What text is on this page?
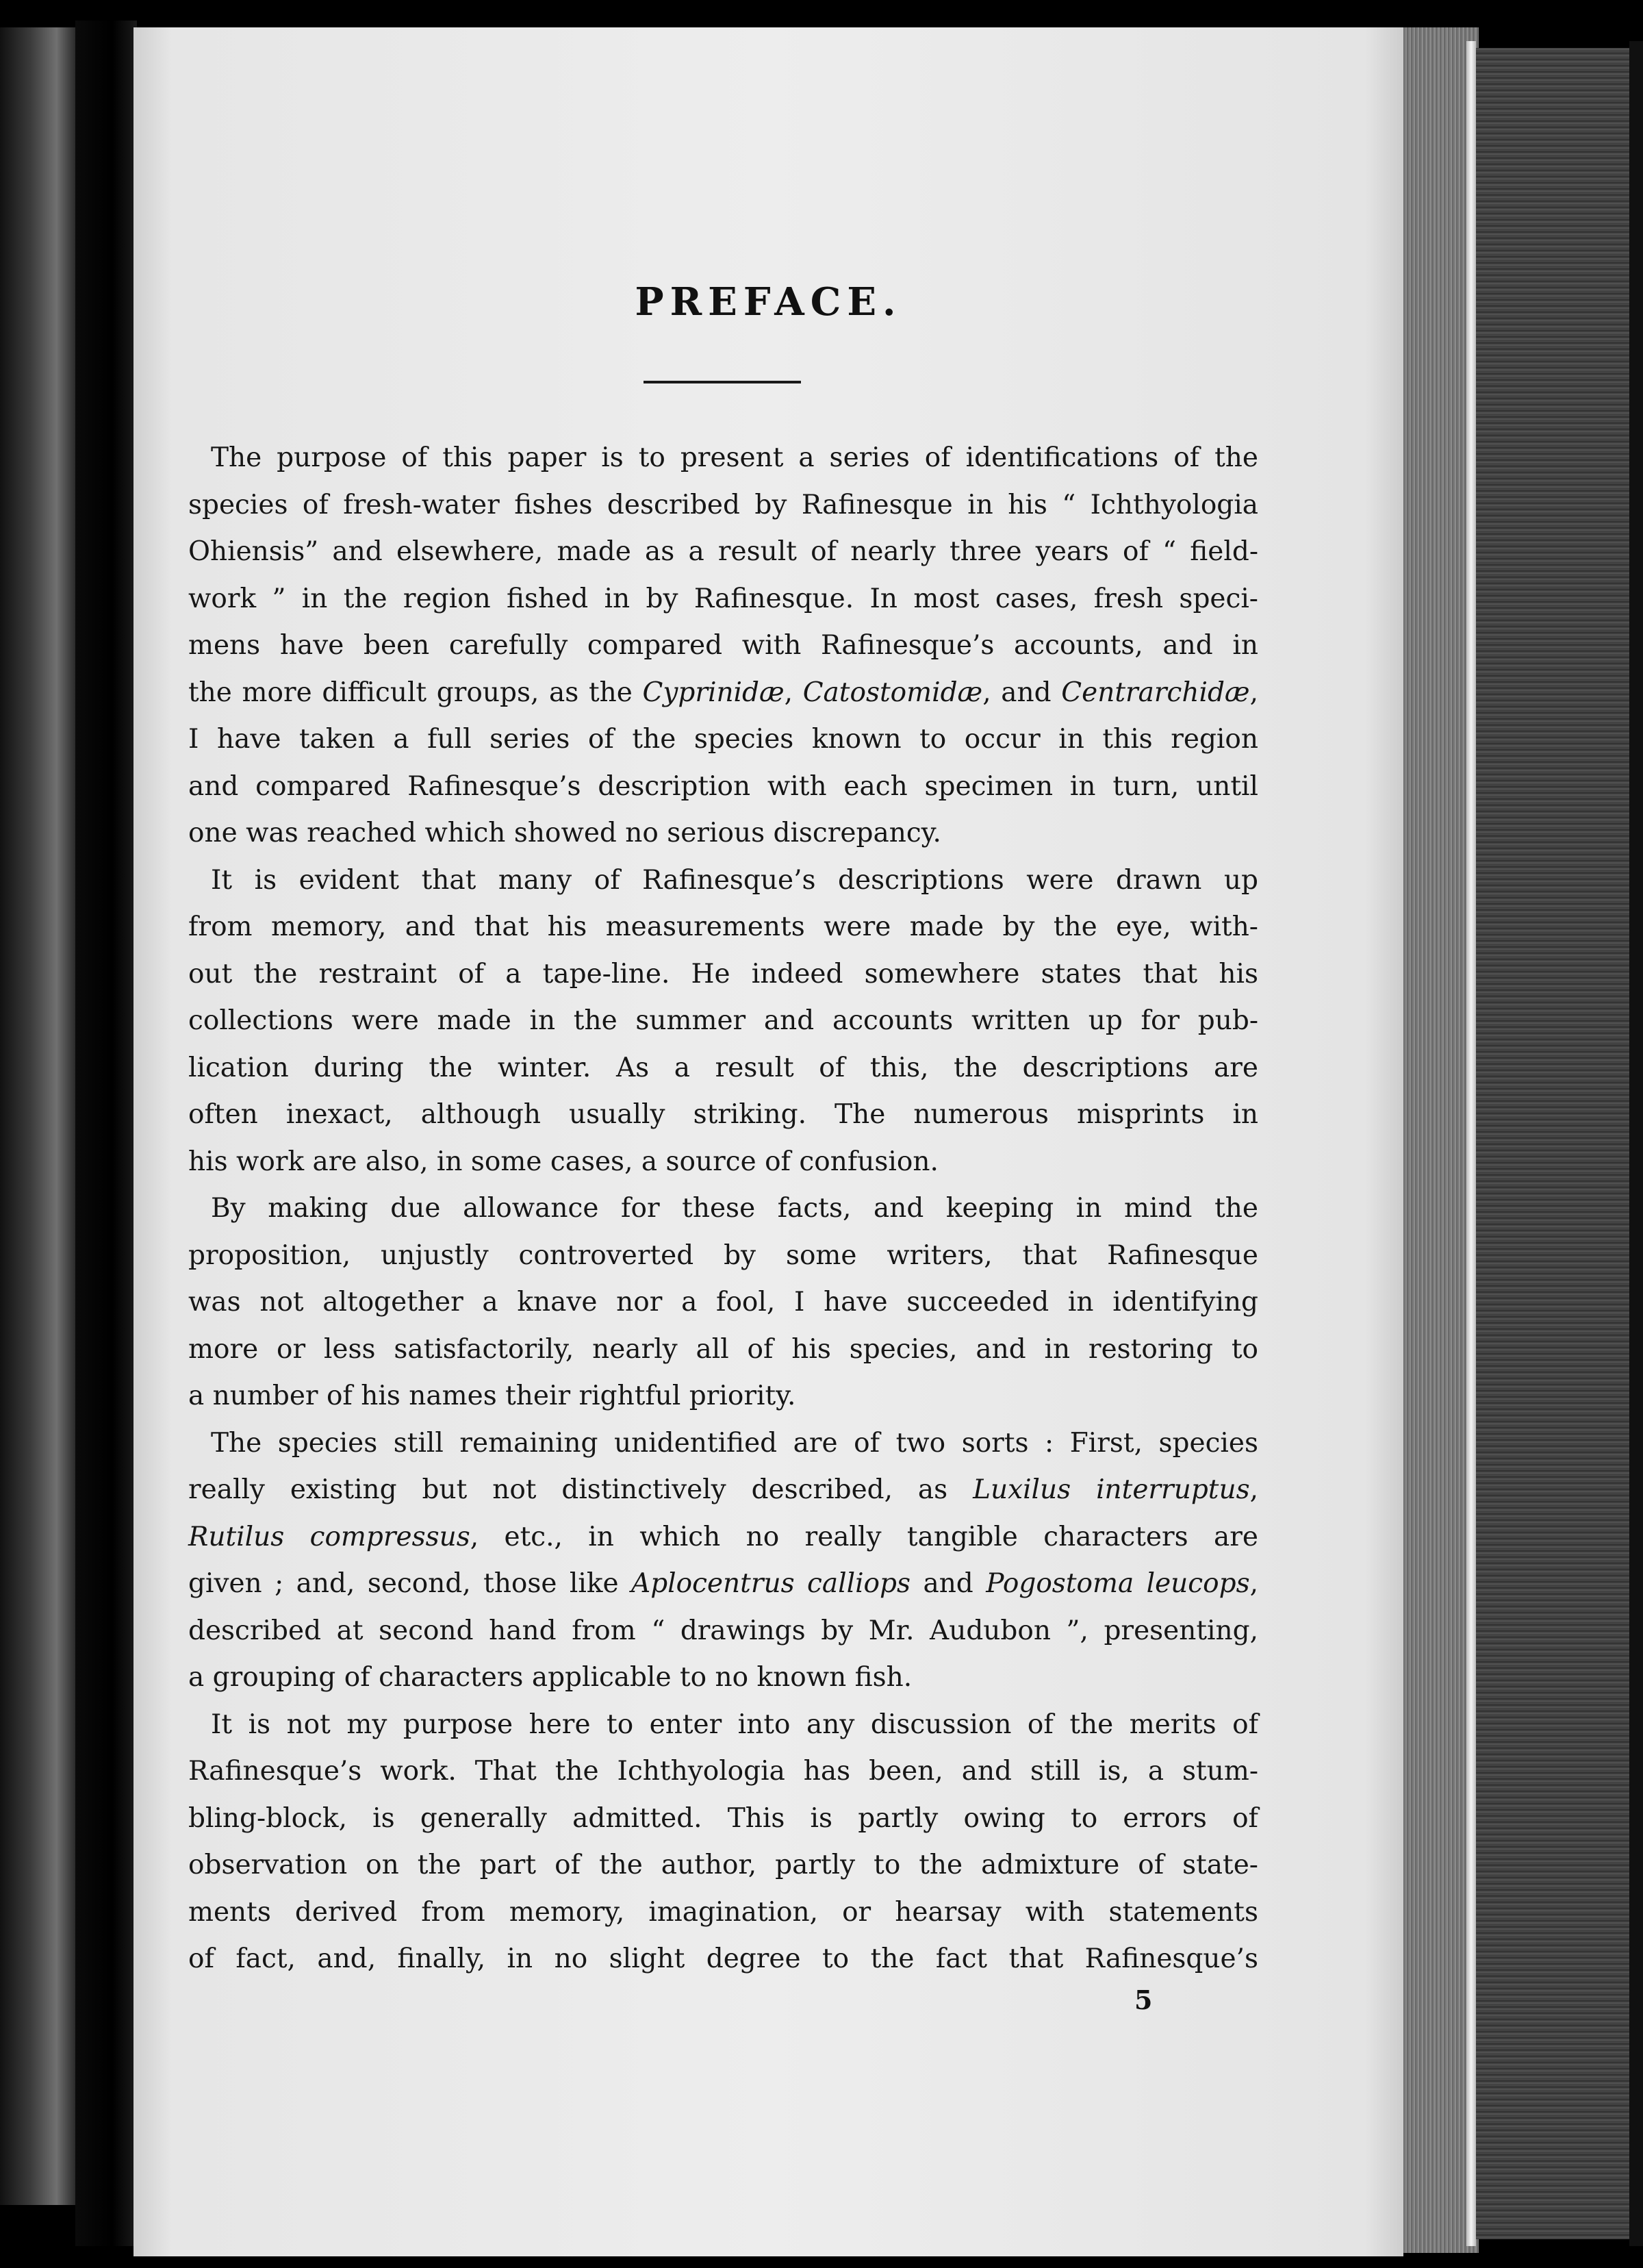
PREFACE.
The purpose of this paper is to present a series of identifications of the
species of fresh-water fishes described by Rafinesque in his “ Ichthyologia
Ohiensis” and elsewhere, made as a result of nearly three years of “ field-
work ” in the region fished in by Rafinesque. In most cases, fresh speci-
mens have been carefully compared with Rafinesque’s accounts, and in
the more difficult groups, as the Cyprinidæ, Catostomidæ, and Centrarchidæ,
I have taken a full series of the species known to occur in this region
and compared Rafinesque’s description with each specimen in turn, until
one was reached which showed no serious discrepancy.
It is evident that many of Rafinesque’s descriptions were drawn up
from memory, and that his measurements were made by the eye, with-
out the restraint of a tape-line. He indeed somewhere states that his
collections were made in the summer and accounts written up for pub-
lication during the winter. As a result of this, the descriptions are
often inexact, although usually striking. The numerous misprints in
his work are also, in some cases, a source of confusion.
By making due allowance for these facts, and keeping in mind the
proposition, unjustly controverted by some writers, that Rafinesque
was not altogether a knave nor a fool, I have succeeded in identifying
more or less satisfactorily, nearly all of his species, and in restoring to
a number of his names their rightful priority.
The species still remaining unidentified are of two sorts : First, species
really existing but not distinctively described, as Luxilus interruptus,
Rutilus compressus, etc., in which no really tangible characters are
given ; and, second, those like Aplocentrus calliops and Pogostoma leucops,
described at second hand from “ drawings by Mr. Audubon ”, presenting,
a grouping of characters applicable to no known fish.
It is not my purpose here to enter into any discussion of the merits of
Rafinesque’s work. That the Ichthyologia has been, and still is, a stum-
bling-block, is generally admitted. This is partly owing to errors of
observation on the part of the author, partly to the admixture of state-
ments derived from memory, imagination, or hearsay with statements
of fact, and, finally, in no slight degree to the fact that Rafinesque’s
5
